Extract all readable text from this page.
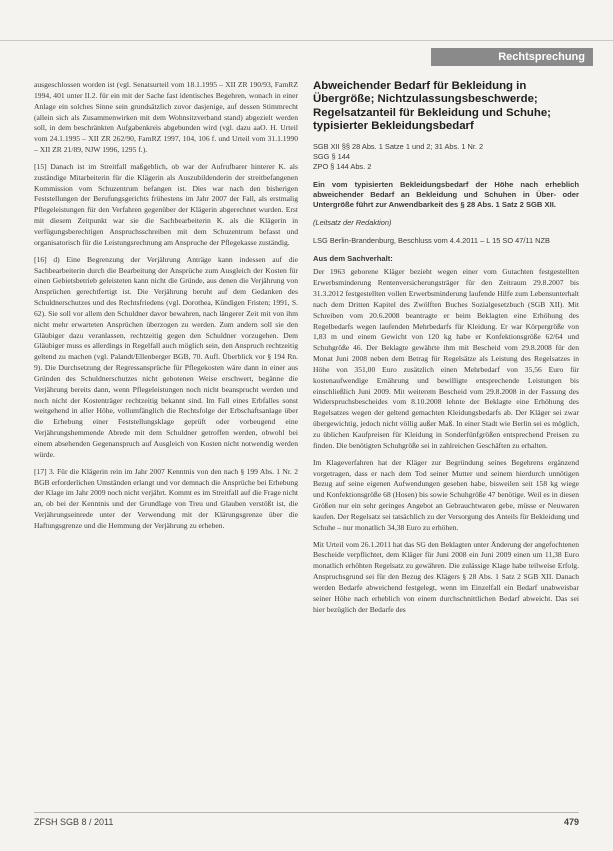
Rechtsprechung

ausgeschlossen worden ist (vgl. Senatsurteil vom 18.1.1995 – XII ZR 190/93, FamRZ 1994, 401 unter II.2. für ein mit der Sache fast identisches Begehren, wonach in einer Anlage ein solches Sinne sein grundsätzlich zuvor dasjenige, auf dessen Stimmrecht (allein sich als Zusammenwirken mit dem Wohnsitzverband stand) abgezielt werden soll, in dem beschränkten Aufgabenkreis abgebunden wird (vgl. dazu aaO. H. Urteil vom 24.1.1995 – XII ZR 262/90, FamRZ 1997, 104, 106 f. und Urteil vom 31.1.1990 – XII ZR 21/89, NJW 1996, 1295 f.).

[15] Danach ist im Streitfall maßgeblich, ob war der Aufrufbarer hinterer K. als zuständige Mitarbeiterin für die Klägerin als Auszubildenderin der streitbefangenen Kommission vom Schuzentrum befangen ist. Dies war nach den bisherigen Feststellungen der Berufungsgerichts frühestens im Jahr 2007 der Fall, als erstmalig Pflegeleistungen für den Verfahren gegenüber der Klägerin abgerechnet wurden. Erst mit diesem Zeitpunkt war sie die Sachbearbeiterin K. als die Klägerin in verfügungsberechtigen Anspruchsschreiben mit dem Schuzentrum befasst und organisatorisch für die Leistungsrechnung am Anspruche der Pflegekasse zuständig.

[16] d) Eine Begrenzung der Verjährung Anträge kann indessen auf die Sachbearbeiterin durch die Bearbeitung der Ansprüche zum Ausgleich der Kosten für einen Gebietsbetrieb geleisteten kann nicht die Gründe, aus denen die Verjährung von Ansprüchen gerechtfertigt ist. Die Verjährung beruht auf dem Gedanken des Schuldnerschutzes und des Rechtsfriedens (vgl. Dorothea, Kündigen Fristen; 1991, S. 62). Sie soll vor allem den Schuldner davor bewahren, nach längerer Zeit mit von ihm nicht mehr erwarteten Ansprüchen überzogen zu werden. Zum andern soll sie den Gläubiger dazu veranlassen, rechtzeitig gegen den Schuldner vorzugehen. Dem Gläubiger muss es allerdings in Regelfall auch möglich sein, den Anspruch rechtzeitig geltend zu machen (vgl. Palandt/Ellenberger BGB, 70. Aufl. Überblick vor § 194 Rn. 9). Die Durchsetzung der Regressansprüche für Pflegekosten wäre dann in einer aus Gründen des Schuldnerschutzes nicht gebotenen Weise erschwert, begänne die Verjährung bereits dann, wenn Pflegeleistungen noch nicht beansprucht werden und noch nicht der Kostenträger rechtzeitig bekannt sind. Im Fall eines Erbfalles sonst weitgehend in aller Höhe, vollumfänglich die Rechtsfolge der Erbschaftsanlage über die Erhebung einer Feststellungsklage geprüft oder vorbeugend eine Verjährungshemmende Abrede mit dem Schuldner getroffen werden, obwohl bei einem absehenden Gegenanspruch auf Ausgleich von Kosten nicht notwendig werden würde.

[17] 3. Für die Klägerin rein im Jahr 2007 Kenntnis von den nach § 199 Abs. 1 Nr. 2 BGB erforderlichen Umständen erlangt und vor demnach die Ansprüche bei Erhebung der Klage im Jahr 2009 noch nicht verjährt. Kommt es im Streitfall auf die Frage nicht an, ob bei der Kenntnis und der Grundlage von Treu und Glauben verstößt ist, die Verjährungseinrede unter der Verwendung mit der Klärungsgrenze über die Haftungsgrenze und die Hemmung der Verjährung zu erheben.

Abweichender Bedarf für Bekleidung in Übergröße; Nichtzulassungsbeschwerde; Regelsatzanteil für Bekleidung und Schuhe; typisierter Bekleidungsbedarf
SGB XII §§ 28 Abs. 1 Satze 1 und 2; 31 Abs. 1 Nr. 2
SGG § 144
ZPO § 144 Abs. 2
Ein vom typisierten Bekleidungsbedarf der Höhe nach erheblich abweichender Bedarf an Bekleidung und Schuhen in Über- oder Untergröße führt zur Anwendbarkeit des § 28 Abs. 1 Satz 2 SGB XII.
(Leitsatz der Redaktion)
LSG Berlin-Brandenburg, Beschluss vom 4.4.2011 – L 15 SO 47/11 NZB
Aus dem Sachverhalt:

Der 1963 geborene Kläger bezieht wegen einer vom Gutachten festgestellten Erwerbsminderung Rentenversicherungsträger für den Zeitraum 29.8.2007 bis 31.3.2012 festgestellten vollen Erwerbsminderung laufende Hilfe zum Lebensunterhalt nach dem Dritten Kapitel des Zwölften Buches Sozialgesetzbuch (SGB XII). Mit Schreiben vom 20.6.2008 beantragte er beim Beklagten eine Erhöhung des Regelbedarfs wegen laufenden Mehrbedarfs für Kleidung. Er war Körpergröße von 1,83 m und einem Gewicht von 120 kg habe er Konfektionsgröße 62/64 und Schuhgröße 46. Der Beklagte gewährte ihm mit Bescheid vom 29.8.2008 für den Monat Juni 2008 neben dem Betrag für Regelsätze als Leistung des Regelsatzes in Höhe von 351,00 Euro zusätzlich einen Mehrbedarf von 35,56 Euro für kostenaufwendige Ernährung und bewilligte entsprechende Leistungen bis einschließlich Juni 2009. Mit weiterem Bescheid vom 29.8.2008 in der Fassung des Widerspruchsbescheides vom 8.10.2008 lehnte der Beklagte eine Erhöhung des Regelsatzes wegen der geltend gemachten Kleidungsbedarfs ab. Der Kläger sei zwar übergewichtig, jedoch nicht völlig außer Maß. In einer Stadt wie Berlin sei es möglich, zu üblichen Kaufpreisen für Kleidung in Sonderfünfgrößen entsprechend Preisen zu finden. Die benötigten Schuhgröße sei in zahlreichen Geschäften zu erhalten.

Im Klageverfahren hat der Kläger zur Begründung seines Begehrens ergänzend vorgetragen, dass er nach dem Tod seiner Mutter und seinem hierdurch unnötigen Bezug auf seine eigenen Aufwendungen gesehen habe, bisweilen seit 158 kg wiege und Konfektionsgröße 68 (Hosen) bis sowie Schuhgröße 47 benötige. Weil es in diesen Größen nur ein sehr geringes Angebot an Gebrauchtwaren gebe, müsse er Neuwaren kaufen. Der Regelsatz sei tatsächlich zu der Versorgung des Anteils für Bekleidung und Schuhe – nur monatlich 34,38 Euro zu erhöhen.

Mit Urteil vom 26.1.2011 hat das SG den Beklagten unter Änderung der angefochtenen Bescheide verpflichtet, dem Kläger für Juni 2008 ein Juni 2009 einen um 11,38 Euro monatlich erhöhten Regelsatz zu gewähren. Die zulässige Klage habe teilweise Erfolg. Anspruchsgrund sei für den Bezug des Klägers § 28 Abs. 1 Satz 2 SGB XII. Danach werden Bedarfe abweichend festgelegt, wenn im Einzelfall ein Bedarf unabweisbar seiner Höhe nach erheblich von einem durchschnittlichen Bedarf abweicht. Das sei hier bezüglich der Bedarfe des

ZFSH SGB 8 / 2011	479
